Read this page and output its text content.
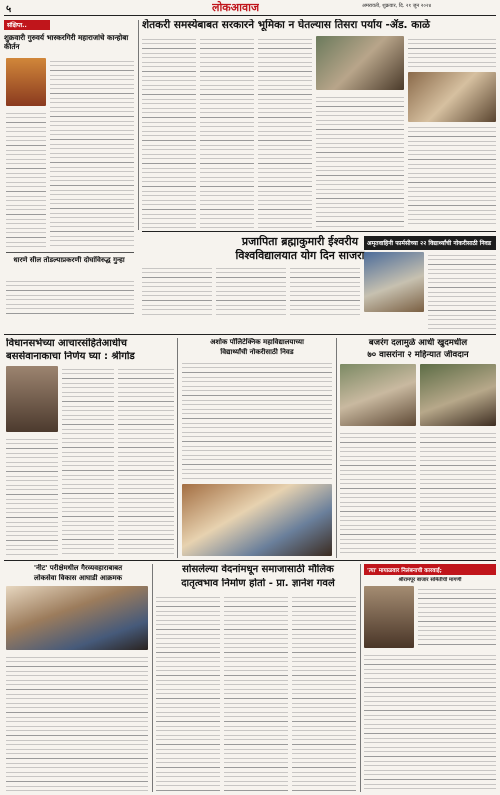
५	लोकआवाज	अमरावती, शुक्रवार, दि. २१ जून २०२४
संक्षिप्त..
शुक्रवारी गुरुवर्य भास्करगिरी महाराजांचे कान्होबा कीर्तन
धारणे सील तोडल्याप्रकरणी दोघांविरुद्ध गुन्हा
शेतकरी समस्येबाबत सरकारने भूमिका न घेतल्यास तिसरा पर्याय -ॲड. काळे
प्रजापिता ब्रह्माकुमारी ईश्वरीय
विश्वविद्यालयात योग दिन साजरा
अमृतवाहिनी फार्मसीच्या २२ विद्यार्थ्यांची नोकरीसाठी निवड
विधानसभेच्या आचारसंहितेआधीच
बससेवानाकाचा निर्णय घ्या : श्रीगोड
अशोक पॉलिटेक्निक महाविद्यालयाच्या
विद्यार्थ्यांची नोकरीसाठी निवड
बजरंग दलामुळे आधी खुदमधील
७० वासरांना २ महिन्यात जीवदान
'नीट' परीक्षेमधील गैरव्यवहाराबाबत
लोकसेवा विकास आघाडी आक्रमक
सोसलेल्या वेदनांमधून समाजासाठी मौलिक
दातृत्वभाव निर्माण होतो - प्रा. ज्ञानेश गवले
'त्या' मायाळवार निलंबनाची कारवाई;
श्रीरामपूर बाजार समितीची मागणी
